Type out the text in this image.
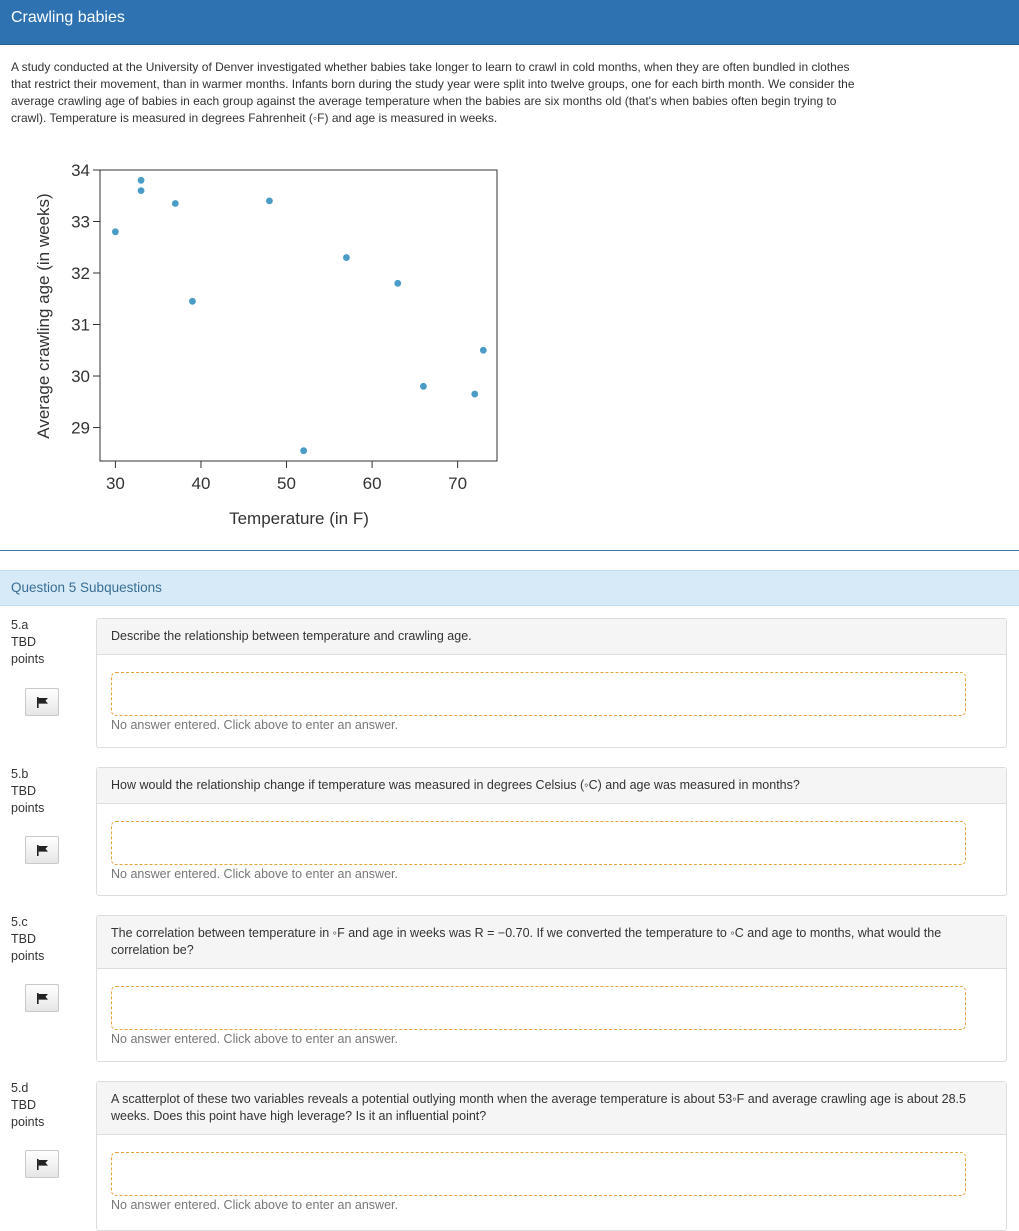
Crawling babies
A study conducted at the University of Denver investigated whether babies take longer to learn to crawl in cold months, when they are often bundled in clothes that restrict their movement, than in warmer months. Infants born during the study year were split into twelve groups, one for each birth month. We consider the average crawling age of babies in each group against the average temperature when the babies are six months old (that's when babies often begin trying to crawl). Temperature is measured in degrees Fahrenheit (◦F) and age is measured in weeks.
30	40	50	60	70
29
30
31
32
33
34
Temperature (in F)
Average crawling age (in weeks)
Question 5 Subquestions
5.a
TBD
points
Describe the relationship between temperature and crawling age.
No answer entered. Click above to enter an answer.
5.b
TBD
points
How would the relationship change if temperature was measured in degrees Celsius (◦C) and age was measured in months?
No answer entered. Click above to enter an answer.
5.c
TBD
points
The correlation between temperature in ◦F and age in weeks was R = −0.70. If we converted the temperature to ◦C and age to months, what would the correlation be?
No answer entered. Click above to enter an answer.
5.d
TBD
points
A scatterplot of these two variables reveals a potential outlying month when the average temperature is about 53◦F and average crawling age is about 28.5 weeks. Does this point have high leverage? Is it an influential point?
No answer entered. Click above to enter an answer.
